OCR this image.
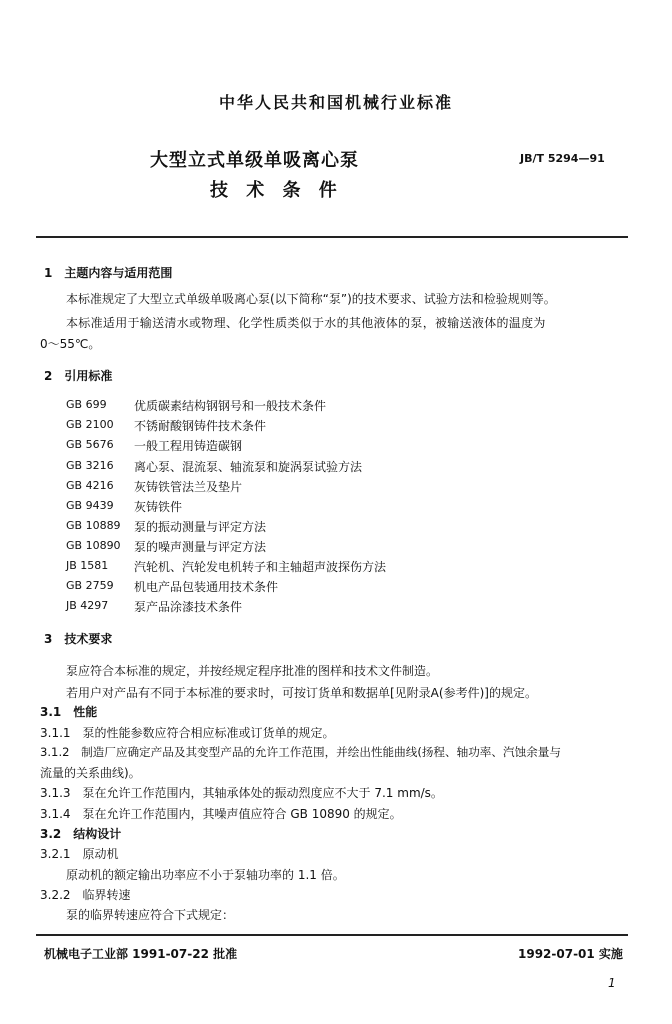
中华人民共和国机械行业标准
大型立式单级单吸离心泵
技 术 条 件
JB/T 5294—91
1　主题内容与适用范围
本标准规定了大型立式单级单吸离心泵(以下简称“泵”)的技术要求、试验方法和检验规则等。
本标准适用于输送清水或物理、化学性质类似于水的其他液体的泵，被输送液体的温度为
0～55℃。
2　引用标准
GB 699 优质碳素结构钢钢号和一般技术条件
GB 2100 不锈耐酸钢铸件技术条件
GB 5676 一般工程用铸造碳钢
GB 3216 离心泵、混流泵、轴流泵和旋涡泵试验方法
GB 4216 灰铸铁管法兰及垫片
GB 9439 灰铸铁件
GB 10889 泵的振动测量与评定方法
GB 10890 泵的噪声测量与评定方法
JB 1581 汽轮机、汽轮发电机转子和主轴超声波探伤方法
GB 2759 机电产品包装通用技术条件
JB 4297 泵产品涂漆技术条件
3　技术要求
泵应符合本标准的规定，并按经规定程序批准的图样和技术文件制造。
若用户对产品有不同于本标准的要求时，可按订货单和数据单[见附录A(参考件)]的规定。
3.1　性能
3.1.1　泵的性能参数应符合相应标准或订货单的规定。
3.1.2　制造厂应确定产品及其变型产品的允许工作范围，并绘出性能曲线(扬程、轴功率、汽蚀余量与
流量的关系曲线)。
3.1.3　泵在允许工作范围内，其轴承体处的振动烈度应不大于 7.1 mm/s。
3.1.4　泵在允许工作范围内，其噪声值应符合 GB 10890 的规定。
3.2　结构设计
3.2.1　原动机
原动机的额定输出功率应不小于泵轴功率的 1.1 倍。
3.2.2　临界转速
泵的临界转速应符合下式规定：
机械电子工业部 1991-07-22 批准	1992-07-01 实施
1
